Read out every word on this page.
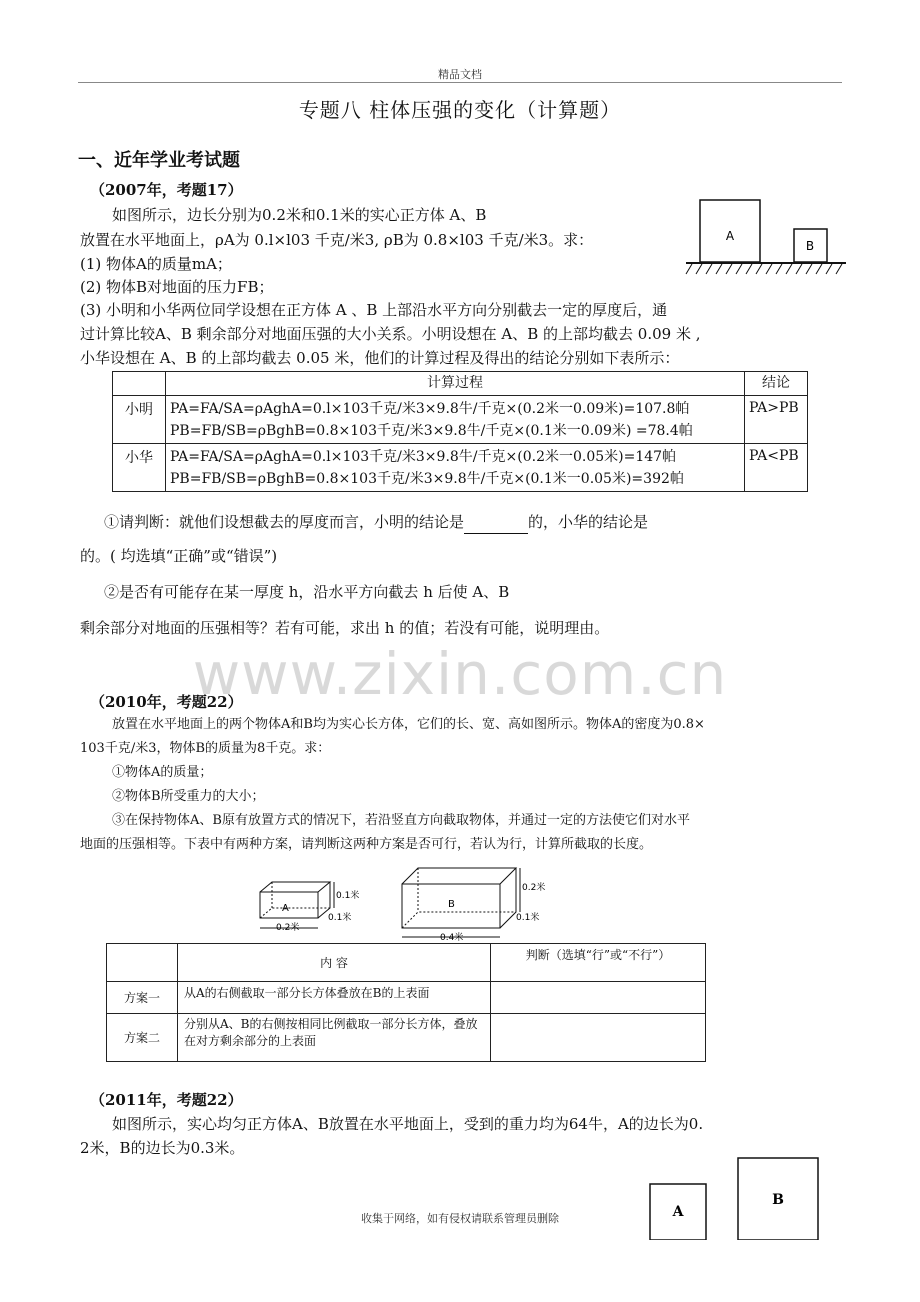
精品文档
专题八 柱体压强的变化（计算题）
一、近年学业考试题
（2007年，考题17）
如图所示，边长分别为0.2米和0.1米的实心正方体 A、B
放置在水平地面上，ρA为 0.l×l03 千克/米3, ρB为 0.8×l03 千克/米3。求：
(1) 物体A的质量mA；
(2) 物体B对地面的压力FB；
(3) 小明和小华两位同学设想在正方体 A 、B 上部沿水平方向分别截去一定的厚度后，通
过计算比较A、B 剩余部分对地面压强的大小关系。小明设想在 A、B 的上部均截去 0.09 米 ,
小华设想在 A、B 的上部均截去 0.05 米，他们的计算过程及得出的结论分别如下表所示：
A
B
	计算过程	结论
小明	PA=FA/SA=ρAghA=0.l×103千克/米3×9.8牛/千克×(0.2米一0.09米)=107.8帕
PB=FB/SB=ρBghB=0.8×103千克/米3×9.8牛/千克×(0.1米一0.09米) =78.4帕	PA>PB
小华	PA=FA/SA=ρAghA=0.l×103千克/米3×9.8牛/千克×(0.2米一0.05米)=147帕
PB=FB/SB=ρBghB=0.8×103千克/米3×9.8牛/千克×(0.1米一0.05米)=392帕	PA<PB
①请判断：就他们设想截去的厚度而言，小明的结论是	的，小华的结论是
的。( 均选填“正确”或“错误”)
②是否有可能存在某一厚度 h，沿水平方向截去 h 后使 A、B
剩余部分对地面的压强相等？若有可能，求出 h 的值；若没有可能，说明理由。
www.zixin.com.cn
（2010年，考题22）
放置在水平地面上的两个物体A和B均为实心长方体，它们的长、宽、高如图所示。物体A的密度为0.8×
103千克/米3，物体B的质量为8千克。求：
①物体A的质量；
②物体B所受重力的大小；
③在保持物体A、B原有放置方式的情况下，若沿竖直方向截取物体，并通过一定的方法使它们对水平
地面的压强相等。下表中有两种方案，请判断这两种方案是否可行，若认为行，计算所截取的长度。
A	B
0.1米
0.1米
0.2米
0.2米
0.1米
0.4米
	内 容	判断（选填“行”或“不行”）
方案一	从A的右侧截取一部分长方体叠放在B的上表面	
方案二	分别从A、B的右侧按相同比例截取一部分长方体，叠放在对方剩余部分的上表面	
（2011年，考题22）
如图所示，实心均匀正方体A、B放置在水平地面上，受到的重力均为64牛，A的边长为0.
2米，B的边长为0.3米。
A
B
收集于网络，如有侵权请联系管理员删除
